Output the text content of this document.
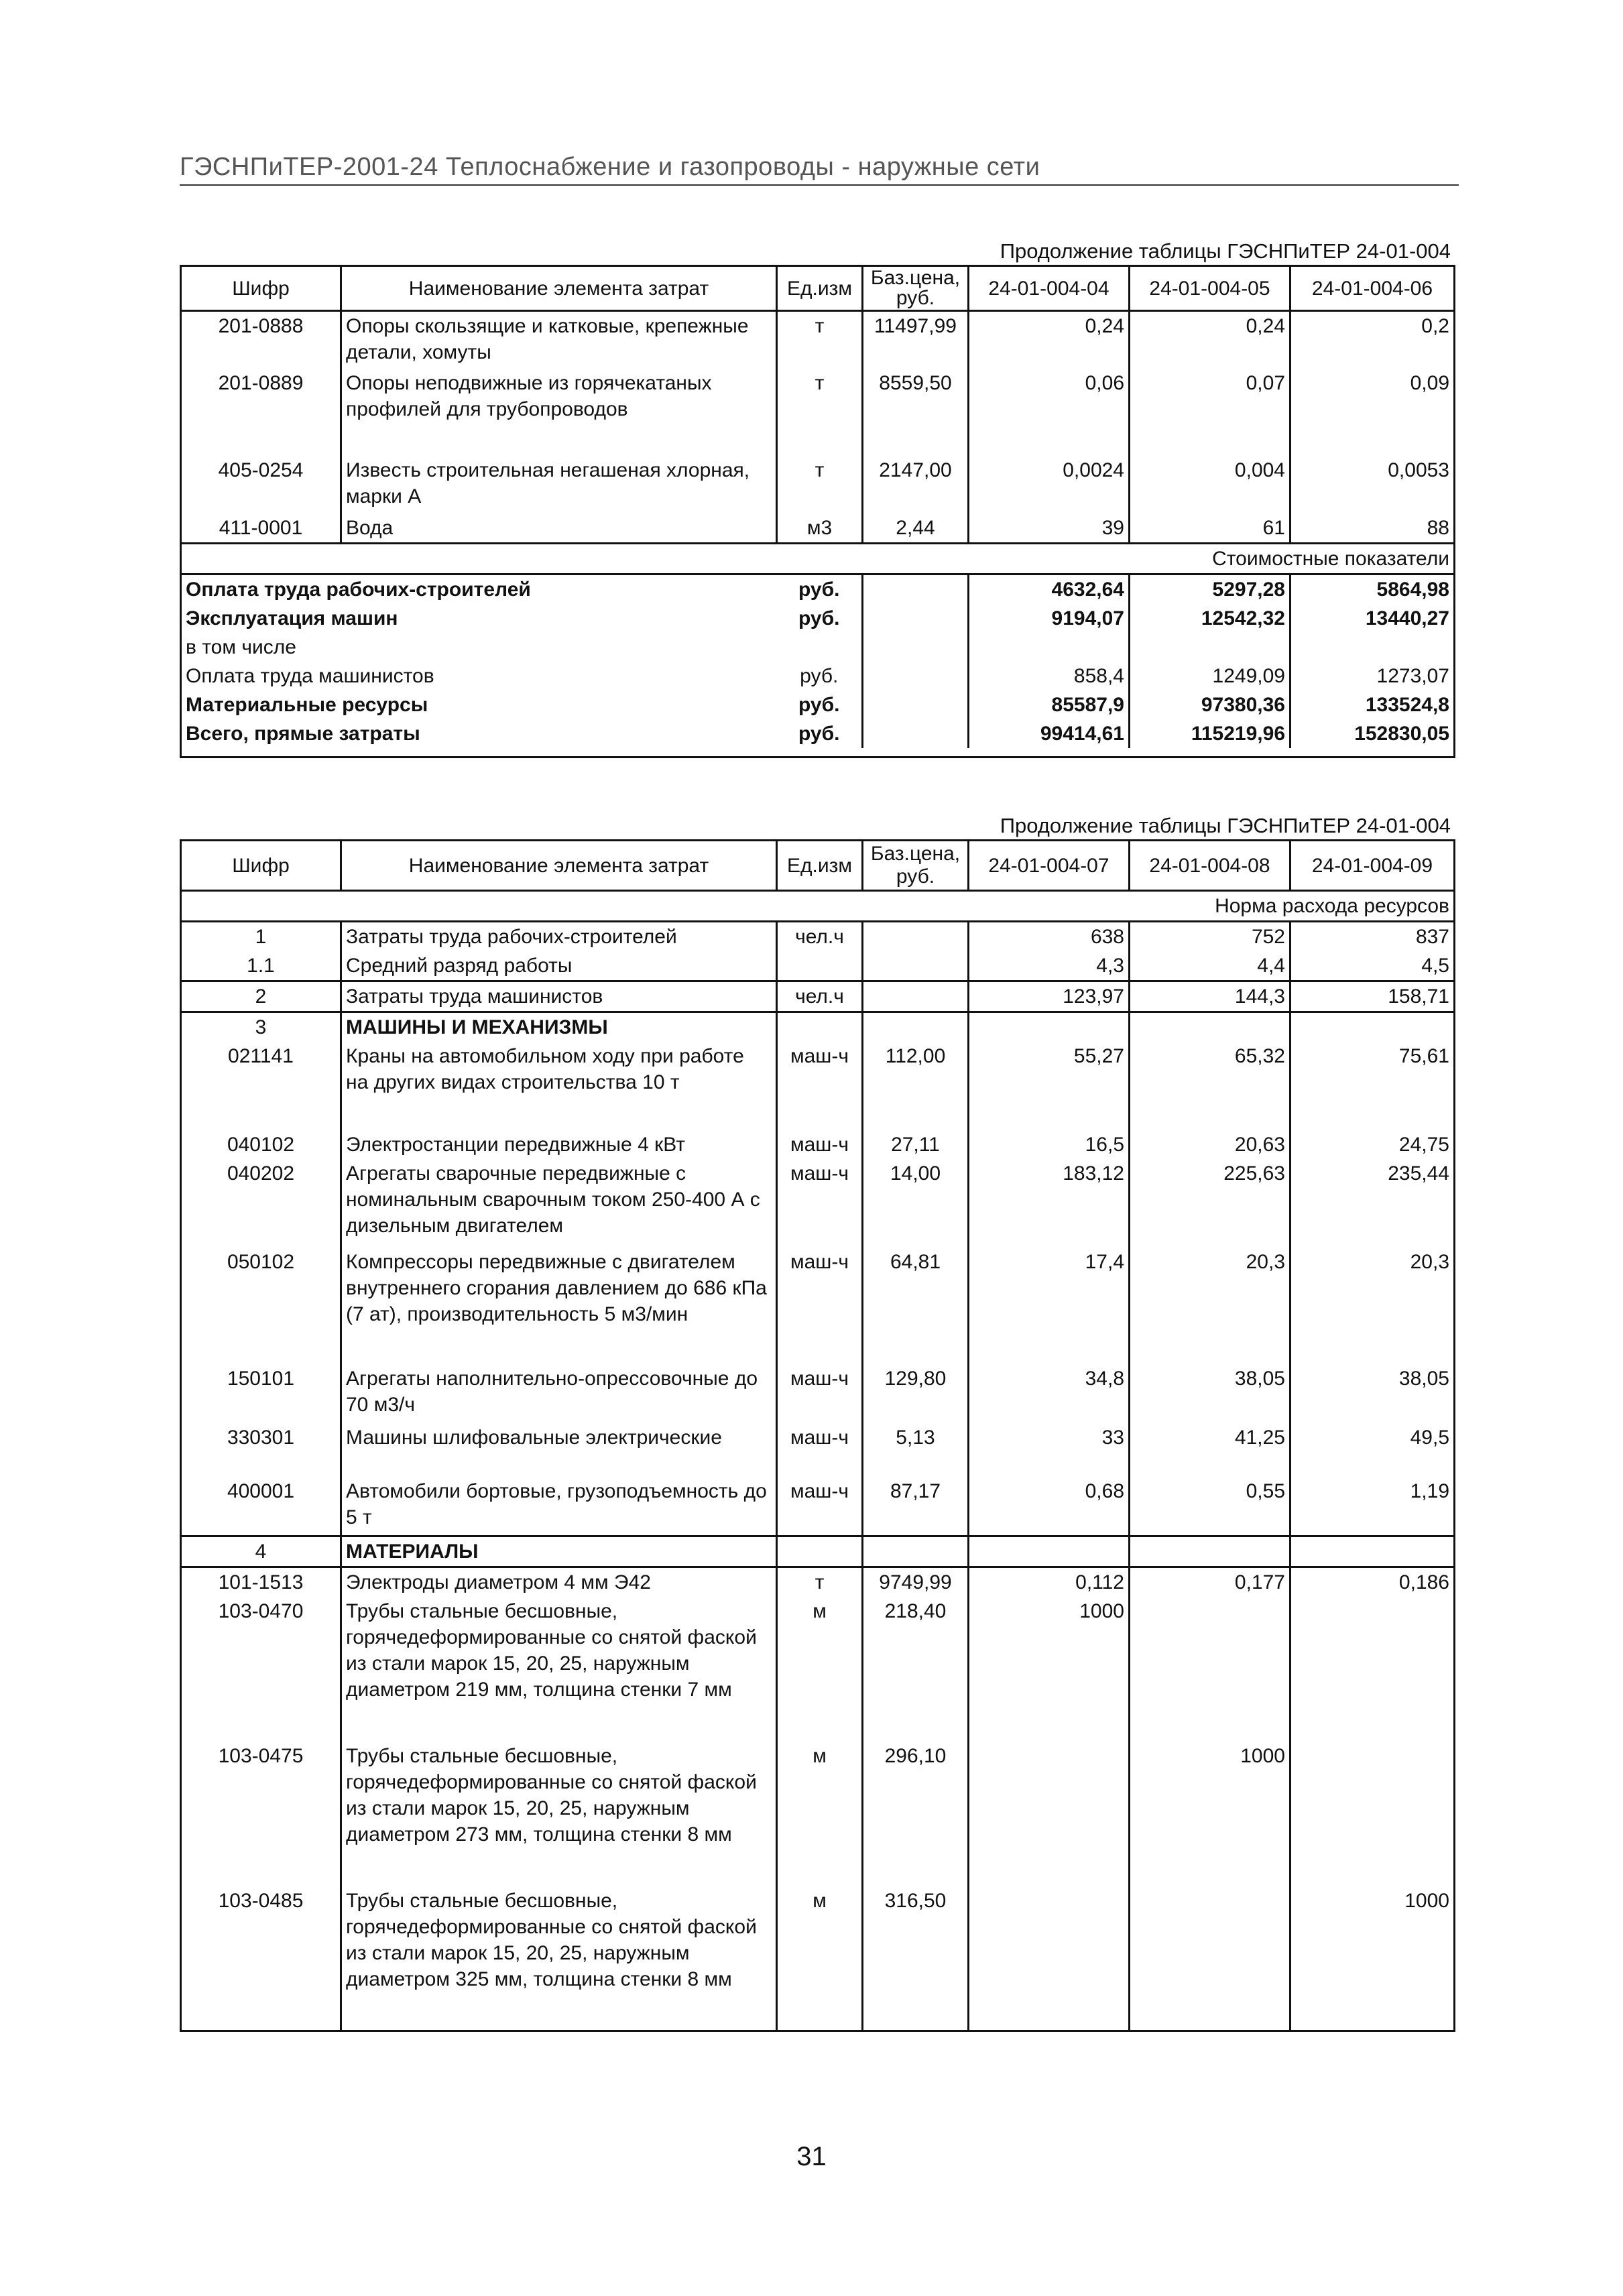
ГЭСНПиТЕР-2001-24 Теплоснабжение и газопроводы - наружные сети
Продолжение таблицы ГЭСНПиТЕР 24-01-004
Шифр	Наименование элемента затрат	Ед.изм	Баз.цена, руб.	24-01-004-04	24-01-004-05	24-01-004-06
201-0888	Опоры скользящие и катковые, крепежные детали, хомуты	т	11497,99	0,24	0,24	0,2
201-0889	Опоры неподвижные из горячекатаных профилей для трубопроводов	т	8559,50	0,06	0,07	0,09
405-0254	Известь строительная негашеная хлорная, марки А	т	2147,00	0,0024	0,004	0,0053
411-0001	Вода	м3	2,44	39	61	88
Стоимостные показатели						
Оплата труда рабочих-строителей		руб.		4632,64	5297,28	5864,98
Эксплуатация машин		руб.		9194,07	12542,32	13440,27
в том числе						
Оплата труда машинистов		руб.		858,4	1249,09	1273,07
Материальные ресурсы		руб.		85587,9	97380,36	133524,8
Всего, прямые затраты		руб.		99414,61	115219,96	152830,05

Продолжение таблицы ГЭСНПиТЕР 24-01-004
Шифр	Наименование элемента затрат	Ед.изм	Баз.цена, руб.	24-01-004-07	24-01-004-08	24-01-004-09
Норма расхода ресурсов						
1	Затраты труда рабочих-строителей	чел.ч		638	752	837
1.1	Средний разряд работы			4,3	4,4	4,5
2	Затраты труда машинистов	чел.ч		123,97	144,3	158,71
3	МАШИНЫ И МЕХАНИЗМЫ					
021141	Краны на автомобильном ходу при работе на других видах строительства 10 т	маш-ч	112,00	55,27	65,32	75,61
040102	Электростанции передвижные 4 кВт	маш-ч	27,11	16,5	20,63	24,75
040202	Агрегаты сварочные передвижные с номинальным сварочным током 250-400 А с дизельным двигателем	маш-ч	14,00	183,12	225,63	235,44
050102	Компрессоры передвижные с двигателем внутреннего сгорания давлением до 686 кПа (7 ат), производительность 5 м3/мин	маш-ч	64,81	17,4	20,3	20,3
150101	Агрегаты наполнительно-опрессовочные до 70 м3/ч	маш-ч	129,80	34,8	38,05	38,05
330301	Машины шлифовальные электрические	маш-ч	5,13	33	41,25	49,5
400001	Автомобили бортовые, грузоподъемность до 5 т	маш-ч	87,17	0,68	0,55	1,19
4	МАТЕРИАЛЫ					
101-1513	Электроды диаметром 4 мм Э42	т	9749,99	0,112	0,177	0,186
103-0470	Трубы стальные бесшовные, горячедеформированные со снятой фаской из стали марок 15, 20, 25, наружным диаметром 219 мм, толщина стенки 7 мм	м	218,40	1000		
103-0475	Трубы стальные бесшовные, горячедеформированные со снятой фаской из стали марок 15, 20, 25, наружным диаметром 273 мм, толщина стенки 8 мм	м	296,10		1000	
103-0485	Трубы стальные бесшовные, горячедеформированные со снятой фаской из стали марок 15, 20, 25, наружным диаметром 325 мм, толщина стенки 8 мм	м	316,50			1000
31
